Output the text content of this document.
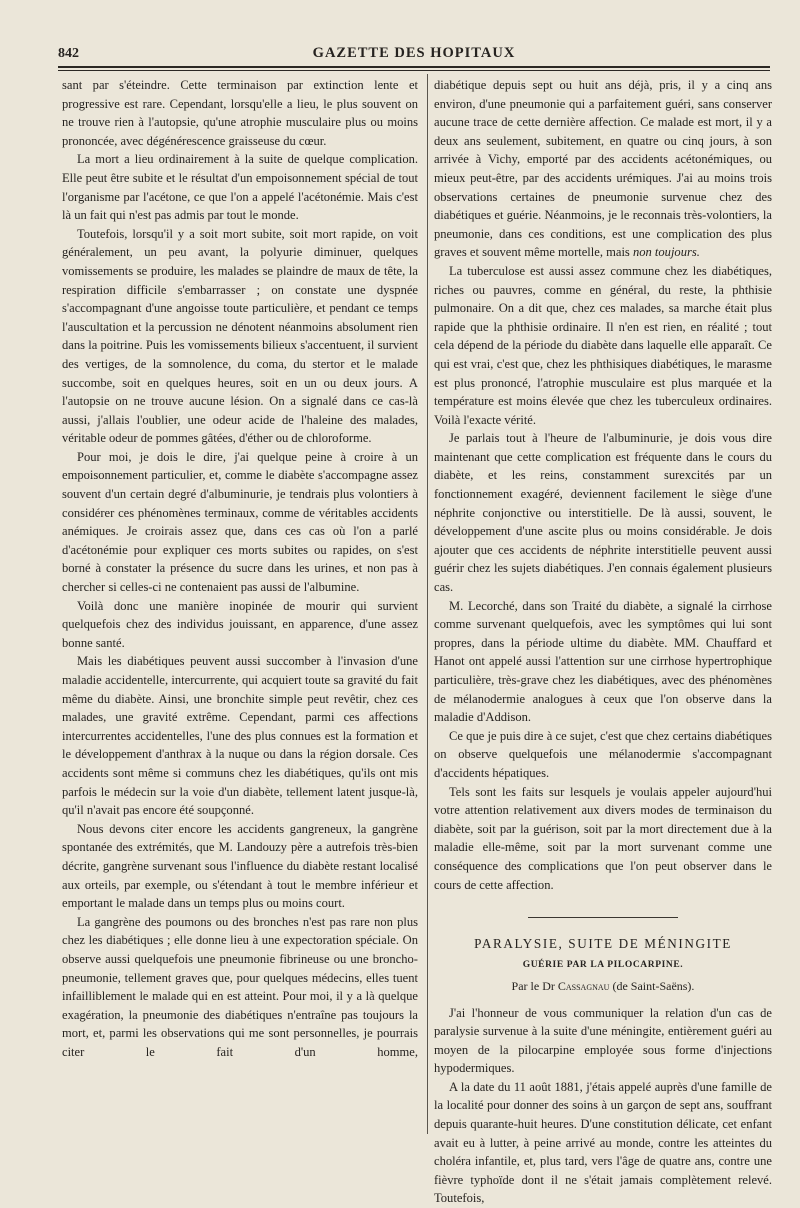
842	GAZETTE DES HOPITAUX

sant par s'éteindre. Cette terminaison par extinction lente et progressive est rare. Cependant, lorsqu'elle a lieu, le plus souvent on ne trouve rien à l'autopsie, qu'une atrophie musculaire plus ou moins prononcée, avec dégénérescence graisseuse du cœur.

La mort a lieu ordinairement à la suite de quelque complication. Elle peut être subite et le résultat d'un empoisonnement spécial de tout l'organisme par l'acétone, ce que l'on a appelé l'acétonémie. Mais c'est là un fait qui n'est pas admis par tout le monde.

Toutefois, lorsqu'il y a soit mort subite, soit mort rapide, on voit généralement, un peu avant, la polyurie diminuer, quelques vomissements se produire, les malades se plaindre de maux de tête, la respiration difficile s'embarrasser ; on constate une dyspnée s'accompagnant d'une angoisse toute particulière, et pendant ce temps l'auscultation et la percussion ne dénotent néanmoins absolument rien dans la poitrine. Puis les vomissements bilieux s'accentuent, il survient des vertiges, de la somnolence, du coma, du stertor et le malade succombe, soit en quelques heures, soit en un ou deux jours. A l'autopsie on ne trouve aucune lésion. On a signalé dans ce cas-là aussi, j'allais l'oublier, une odeur acide de l'haleine des malades, véritable odeur de pommes gâtées, d'éther ou de chloroforme.

Pour moi, je dois le dire, j'ai quelque peine à croire à un empoisonnement particulier, et, comme le diabète s'accompagne assez souvent d'un certain degré d'albuminurie, je tendrais plus volontiers à considérer ces phénomènes terminaux, comme de véritables accidents anémiques. Je croirais assez que, dans ces cas où l'on a parlé d'acétonémie pour expliquer ces morts subites ou rapides, on s'est borné à constater la présence du sucre dans les urines, et non pas à chercher si celles-ci ne contenaient pas aussi de l'albumine.

Voilà donc une manière inopinée de mourir qui survient quelquefois chez des individus jouissant, en apparence, d'une assez bonne santé.

Mais les diabétiques peuvent aussi succomber à l'invasion d'une maladie accidentelle, intercurrente, qui acquiert toute sa gravité du fait même du diabète. Ainsi, une bronchite simple peut revêtir, chez ces malades, une gravité extrême. Cependant, parmi ces affections intercurrentes accidentelles, l'une des plus connues est la formation et le développement d'anthrax à la nuque ou dans la région dorsale. Ces accidents sont même si communs chez les diabétiques, qu'ils ont mis parfois le médecin sur la voie d'un diabète, tellement latent jusque-là, qu'il n'avait pas encore été soupçonné.

Nous devons citer encore les accidents gangreneux, la gangrène spontanée des extrémités, que M. Landouzy père a autrefois très-bien décrite, gangrène survenant sous l'influence du diabète restant localisé aux orteils, par exemple, ou s'étendant à tout le membre inférieur et emportant le malade dans un temps plus ou moins court.

La gangrène des poumons ou des bronches n'est pas rare non plus chez les diabétiques ; elle donne lieu à une expectoration spéciale. On observe aussi quelquefois une pneumonie fibrineuse ou une broncho-pneumonie, tellement graves que, pour quelques médecins, elles tuent infailliblement le malade qui en est atteint. Pour moi, il y a là quelque exagération, la pneumonie des diabétiques n'entraîne pas toujours la mort, et, parmi les observations qui me sont personnelles, je pourrais citer le fait d'un homme,

diabétique depuis sept ou huit ans déjà, pris, il y a cinq ans environ, d'une pneumonie qui a parfaitement guéri, sans conserver aucune trace de cette dernière affection. Ce malade est mort, il y a deux ans seulement, subitement, en quatre ou cinq jours, à son arrivée à Vichy, emporté par des accidents acétonémiques, ou mieux peut-être, par des accidents urémiques. J'ai au moins trois observations certaines de pneumonie survenue chez des diabétiques et guérie. Néanmoins, je le reconnais très-volontiers, la pneumonie, dans ces conditions, est une complication des plus graves et souvent même mortelle, mais non toujours.

La tuberculose est aussi assez commune chez les diabétiques, riches ou pauvres, comme en général, du reste, la phthisie pulmonaire. On a dit que, chez ces malades, sa marche était plus rapide que la phthisie ordinaire. Il n'en est rien, en réalité ; tout cela dépend de la période du diabète dans laquelle elle apparaît. Ce qui est vrai, c'est que, chez les phthisiques diabétiques, le marasme est plus prononcé, l'atrophie musculaire est plus marquée et la température est moins élevée que chez les tuberculeux ordinaires. Voilà l'exacte vérité.

Je parlais tout à l'heure de l'albuminurie, je dois vous dire maintenant que cette complication est fréquente dans le cours du diabète, et les reins, constamment surexcités par un fonctionnement exagéré, deviennent facilement le siège d'une néphrite conjonctive ou interstitielle. De là aussi, souvent, le développement d'une ascite plus ou moins considérable. Je dois ajouter que ces accidents de néphrite interstitielle peuvent aussi guérir chez les sujets diabétiques. J'en connais également plusieurs cas.

M. Lecorché, dans son Traité du diabète, a signalé la cirrhose comme survenant quelquefois, avec les symptômes qui lui sont propres, dans la période ultime du diabète. MM. Chauffard et Hanot ont appelé aussi l'attention sur une cirrhose hypertrophique particulière, très-grave chez les diabétiques, avec des phénomènes de mélanodermie analogues à ceux que l'on observe dans la maladie d'Addison.

Ce que je puis dire à ce sujet, c'est que chez certains diabétiques on observe quelquefois une mélanodermie s'accompagnant d'accidents hépatiques.

Tels sont les faits sur lesquels je voulais appeler aujourd'hui votre attention relativement aux divers modes de terminaison du diabète, soit par la guérison, soit par la mort directement due à la maladie elle-même, soit par la mort survenant comme une conséquence des complications que l'on peut observer dans le cours de cette affection.

PARALYSIE, SUITE DE MÉNINGITE
GUÉRIE PAR LA PILOCARPINE.
Par le Dr Cassagnau (de Saint-Saëns).

J'ai l'honneur de vous communiquer la relation d'un cas de paralysie survenue à la suite d'une méningite, entièrement guéri au moyen de la pilocarpine employée sous forme d'injections hypodermiques.

A la date du 11 août 1881, j'étais appelé auprès d'une famille de la localité pour donner des soins à un garçon de sept ans, souffrant depuis quarante-huit heures. D'une constitution délicate, cet enfant avait eu à lutter, à peine arrivé au monde, contre les atteintes du choléra infantile, et, plus tard, vers l'âge de quatre ans, contre une fièvre typhoïde dont il ne s'était jamais complètement relevé. Toutefois,
